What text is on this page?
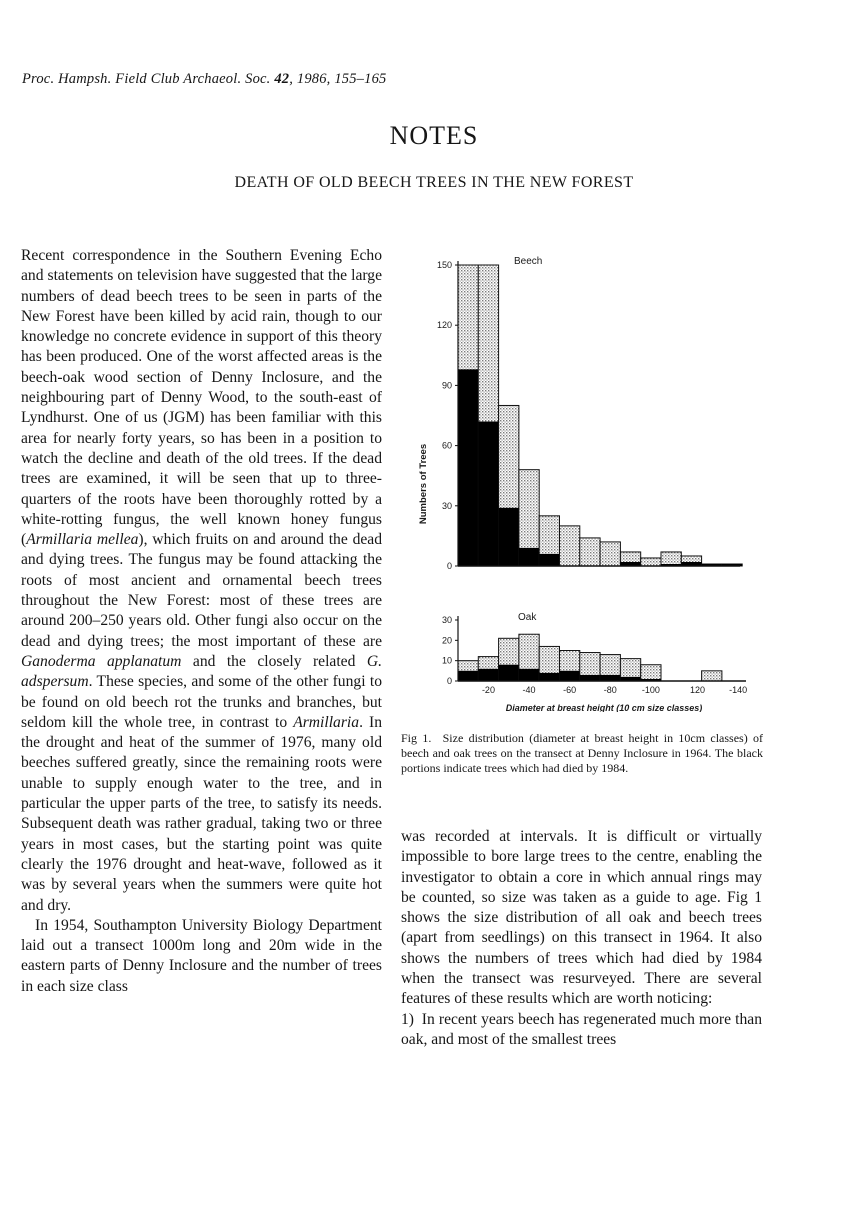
Proc. Hampsh. Field Club Archaeol. Soc. 42, 1986, 155–165
NOTES
DEATH OF OLD BEECH TREES IN THE NEW FOREST

Recent correspondence in the Southern Evening Echo and statements on television have suggested that the large numbers of dead beech trees to be seen in parts of the New Forest have been killed by acid rain, though to our knowledge no concrete evidence in support of this theory has been produced. One of the worst affected areas is the beech-oak wood section of Denny Inclosure, and the neighbouring part of Denny Wood, to the south-east of Lyndhurst. One of us (JGM) has been familiar with this area for nearly forty years, so has been in a position to watch the decline and death of the old trees. If the dead trees are examined, it will be seen that up to three-quarters of the roots have been thoroughly rotted by a white-rotting fungus, the well known honey fungus (Armillaria mellea), which fruits on and around the dead and dying trees. The fungus may be found attacking the roots of most ancient and ornamental beech trees throughout the New Forest: most of these trees are around 200–250 years old. Other fungi also occur on the dead and dying trees; the most important of these are Ganoderma applanatum and the closely related G. adspersum. These species, and some of the other fungi to be found on old beech rot the trunks and branches, but seldom kill the whole tree, in contrast to Armillaria. In the drought and heat of the summer of 1976, many old beeches suffered greatly, since the remaining roots were unable to supply enough water to the tree, and in particular the upper parts of the tree, to satisfy its needs. Subsequent death was rather gradual, taking two or three years in most cases, but the starting point was quite clearly the 1976 drought and heat-wave, followed as it was by several years when the summers were quite hot and dry.

In 1954, Southampton University Biology Department laid out a transect 1000m long and 20m wide in the eastern parts of Denny Inclosure and the number of trees in each size class

0
30
60
90
120
150	Beech
Numbers of Trees
0
10
20
30	Oak
-20	-40	-60	-80	-100	120	-140
Diameter at breast height (10 cm size classes)
Fig 1.  Size distribution (diameter at breast height in 10cm classes) of beech and oak trees on the transect at Denny Inclosure in 1964. The black portions indicate trees which had died by 1984.

was recorded at intervals. It is difficult or virtually impossible to bore large trees to the centre, enabling the investigator to obtain a core in which annual rings may be counted, so size was taken as a guide to age. Fig 1 shows the size distribution of all oak and beech trees (apart from seedlings) on this transect in 1964. It also shows the numbers of trees which had died by 1984 when the transect was resurveyed. There are several features of these results which are worth noticing:

1) In recent years beech has regenerated much more than oak, and most of the smallest trees
